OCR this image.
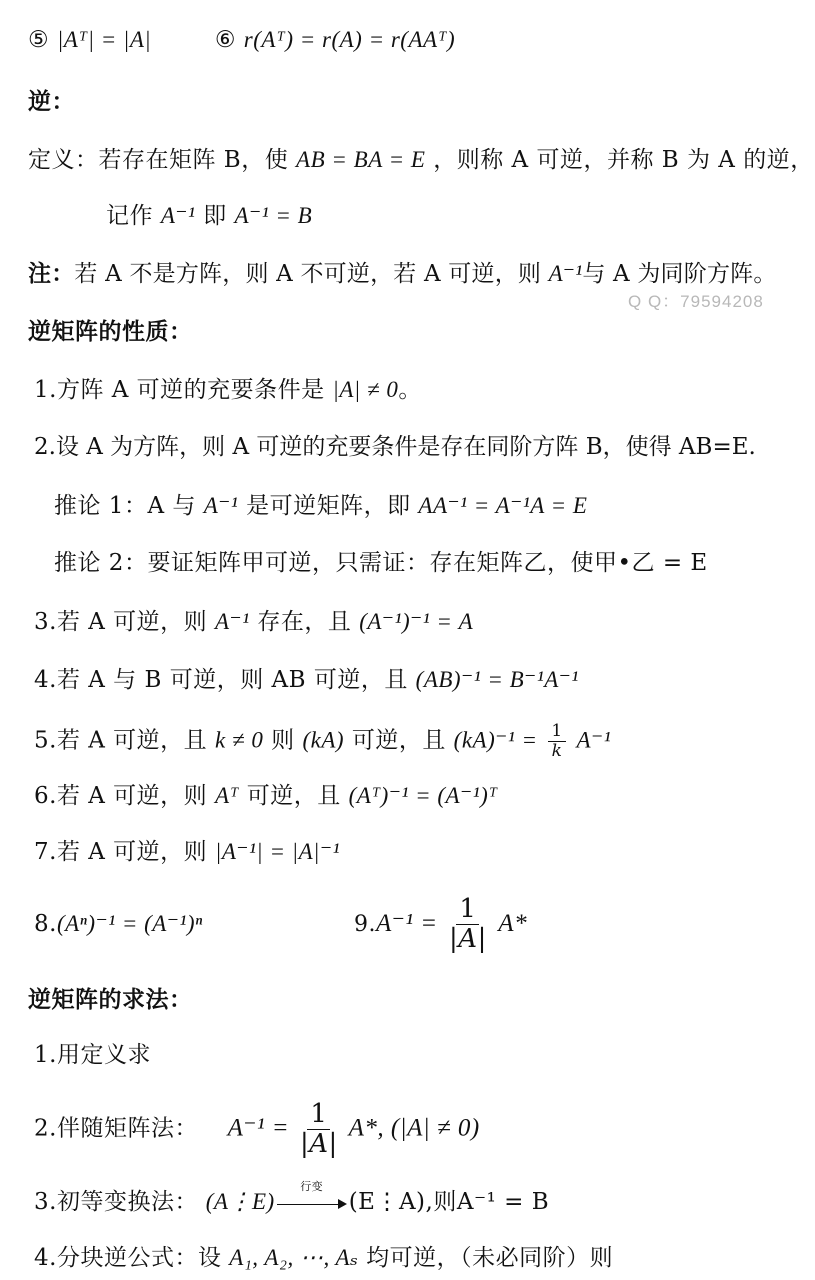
⑤ |Aᵀ| = |A|	⑥ r(Aᵀ) = r(A) = r(AAᵀ)
逆：
定义：若存在矩阵 B，使 AB = BA = E ，则称 A 可逆，并称 B 为 A 的逆，
记作 A⁻¹ 即 A⁻¹ = B
注：若 A 不是方阵，则 A 不可逆，若 A 可逆，则 A⁻¹与 A 为同阶方阵。
Q Q：79594208
逆矩阵的性质：
1.方阵 A 可逆的充要条件是 |A| ≠ 0。
2.设 A 为方阵，则 A 可逆的充要条件是存在同阶方阵 B，使得 AB=E.
推论 1：A 与 A⁻¹ 是可逆矩阵，即 AA⁻¹ = A⁻¹A = E
推论 2：要证矩阵甲可逆，只需证：存在矩阵乙，使甲•乙 = E
3.若 A 可逆，则 A⁻¹ 存在，且 (A⁻¹)⁻¹ = A
4.若 A 与 B 可逆，则 AB 可逆，且 (AB)⁻¹ = B⁻¹A⁻¹
5.若 A 可逆，且 k ≠ 0 则 (kA) 可逆，且 $(kA)^{-1} = \frac{1}{k} A^{-1}$
6.若 A 可逆，则 Aᵀ 可逆，且 (Aᵀ)⁻¹ = (A⁻¹)ᵀ
7.若 A 可逆，则 |A⁻¹| = |A|⁻¹
8.(Aⁿ)⁻¹ = (A⁻¹)ⁿ	$9.A^{-1} = \frac{1}{|A|} A*$
逆矩阵的求法：
1.用定义求
2.伴随矩阵法： $A^{-1} = \frac{1}{|A|} A*$, (|A| ≠ 0)
3.初等变换法： (A⋮E)
行变
(E⋮A),则A⁻¹ = B
4.分块逆公式：设 A₁, A₂, ⋯, Aₛ 均可逆，（未必同阶）则
